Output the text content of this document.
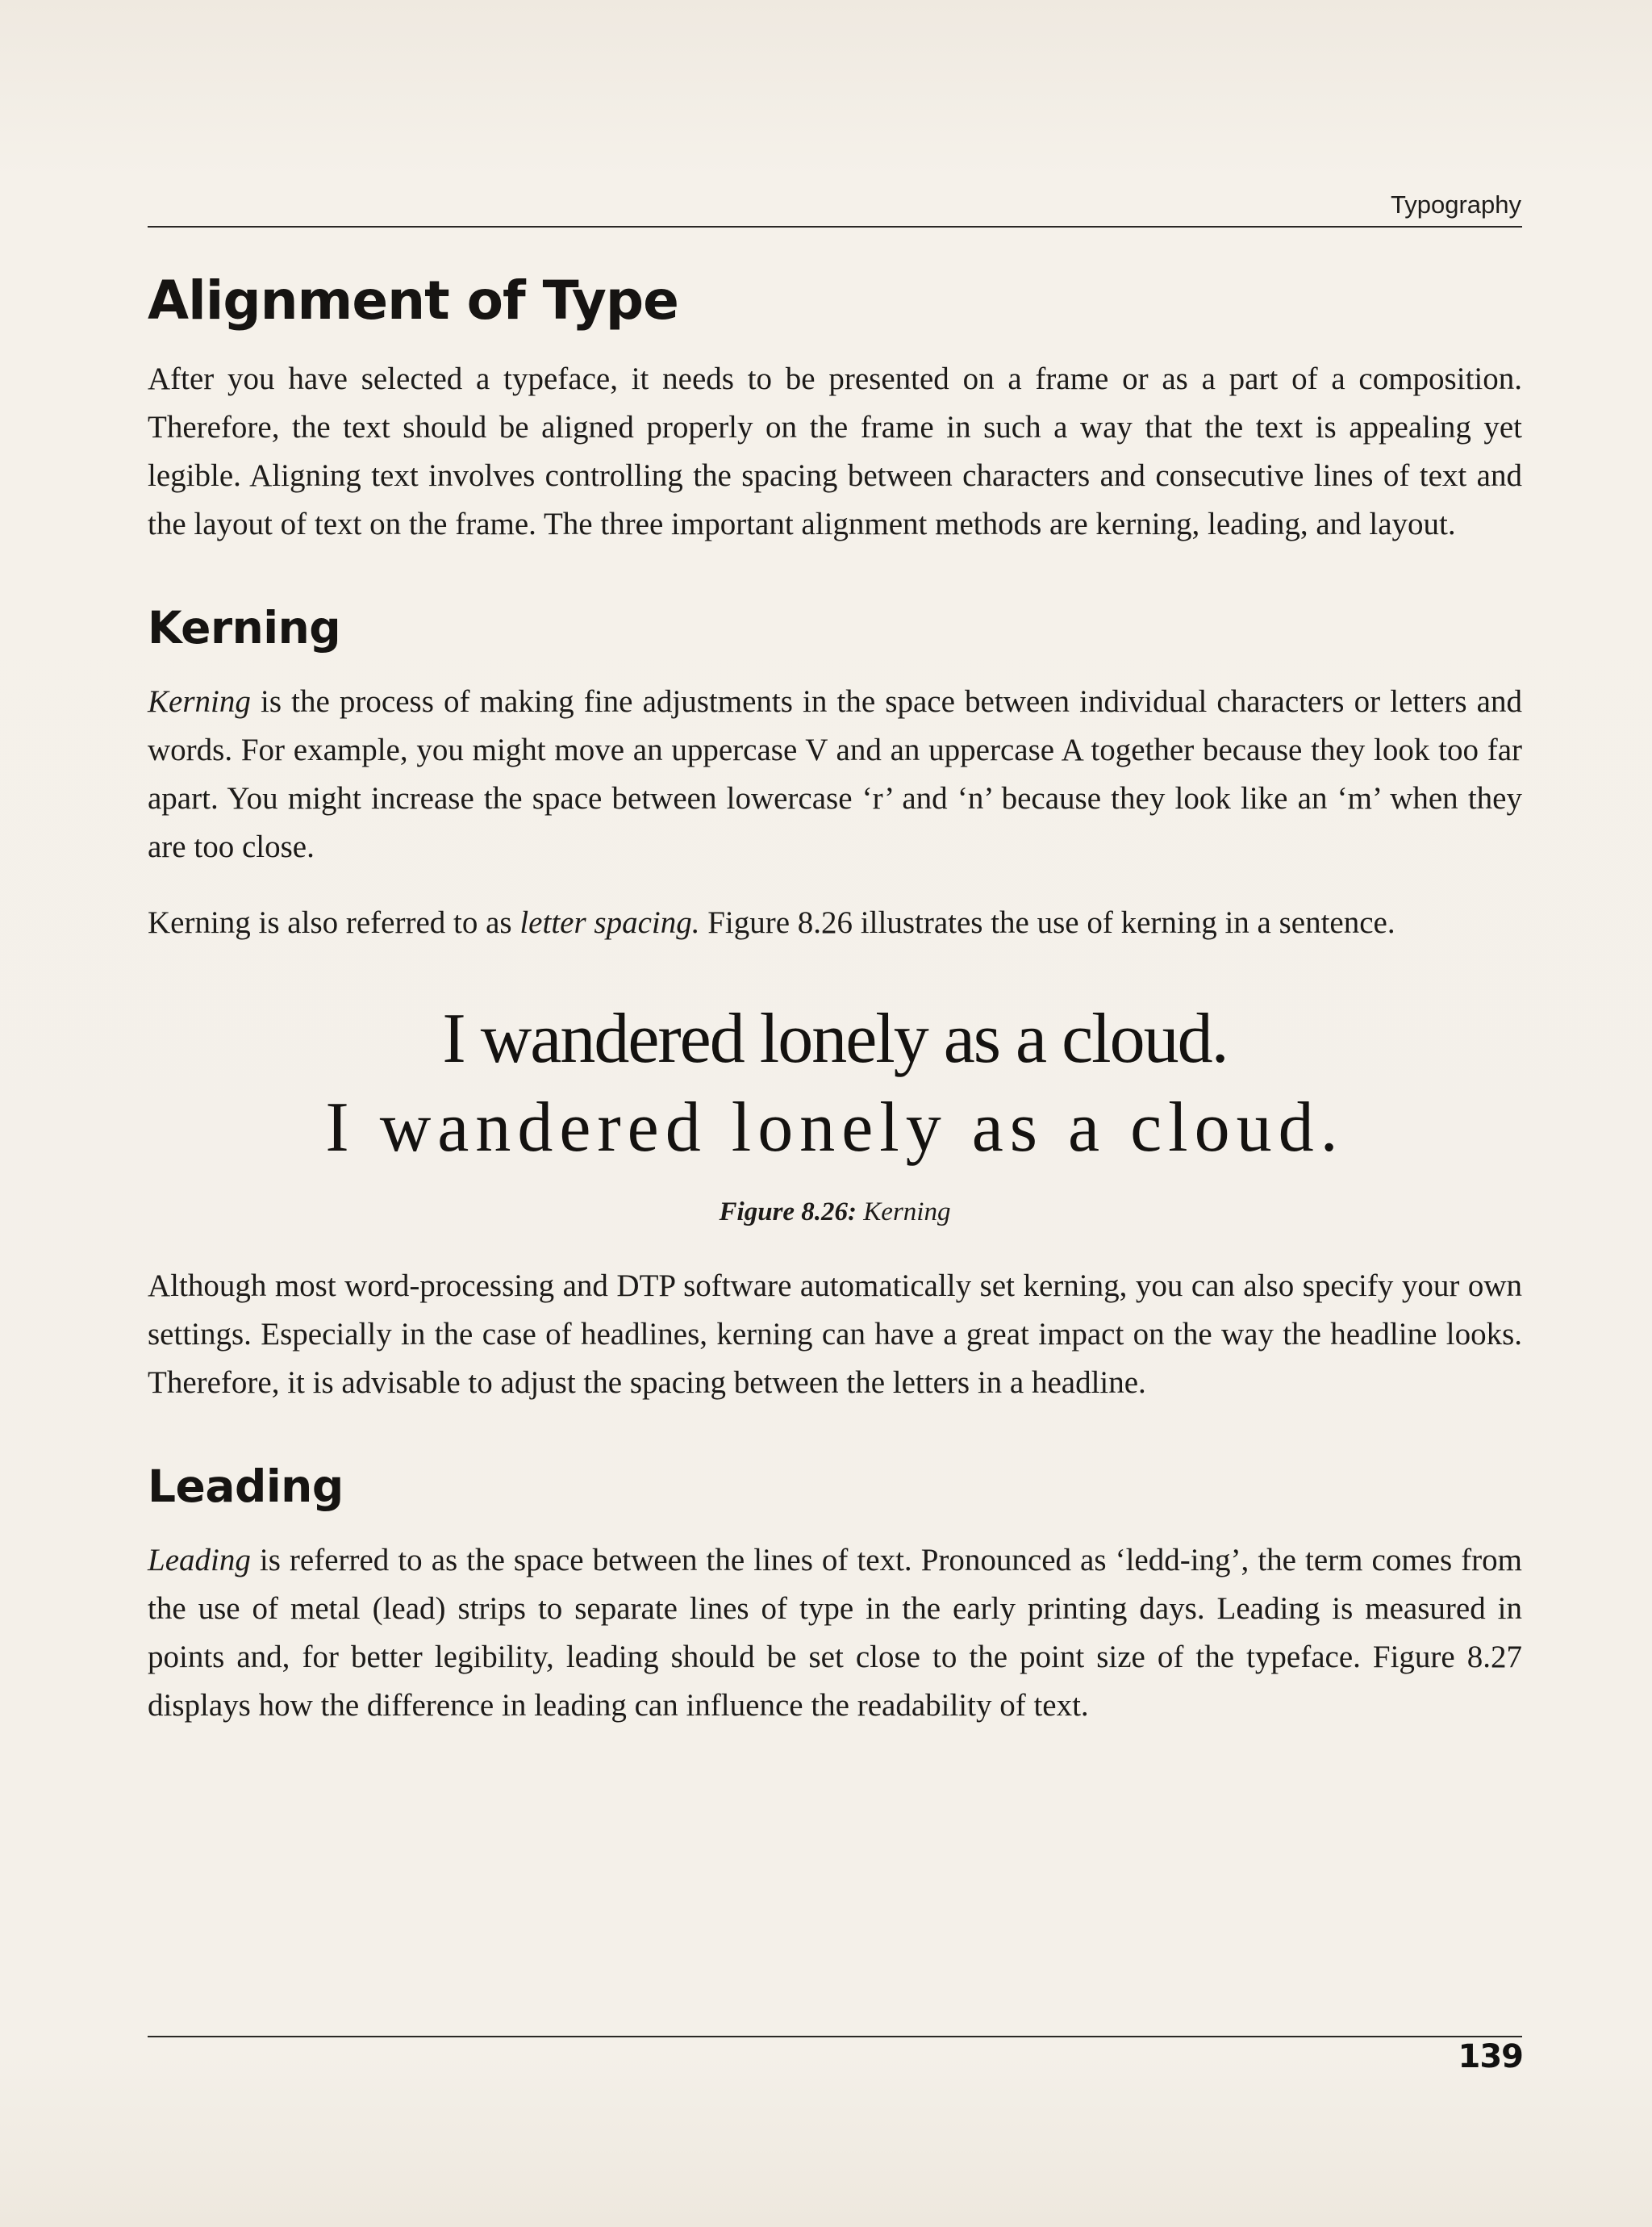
Typography
Alignment of Type

After you have selected a typeface, it needs to be presented on a frame or as a part of a composition. Therefore, the text should be aligned properly on the frame in such a way that the text is appealing yet legible. Aligning text involves controlling the spacing between characters and consecutive lines of text and the layout of text on the frame. The three important alignment methods are kerning, leading, and layout.

Kerning

Kerning is the process of making fine adjustments in the space between individual characters or letters and words. For example, you might move an uppercase V and an uppercase A together because they look too far apart. You might increase the space between lowercase ‘r’ and ‘n’ because they look like an ‘m’ when they are too close.

Kerning is also referred to as letter spacing. Figure 8.26 illustrates the use of kerning in a sentence.

I wandered lonely as a cloud.
I wandered lonely as a cloud.
Figure 8.26: Kerning

Although most word-processing and DTP software automatically set kerning, you can also specify your own settings. Especially in the case of headlines, kerning can have a great impact on the way the headline looks. Therefore, it is advisable to adjust the spacing between the letters in a headline.

Leading

Leading is referred to as the space between the lines of text. Pronounced as ‘ledd-ing’, the term comes from the use of metal (lead) strips to separate lines of type in the early printing days. Leading is measured in points and, for better legibility, leading should be set close to the point size of the typeface. Figure 8.27 displays how the difference in leading can influence the readability of text.

139
